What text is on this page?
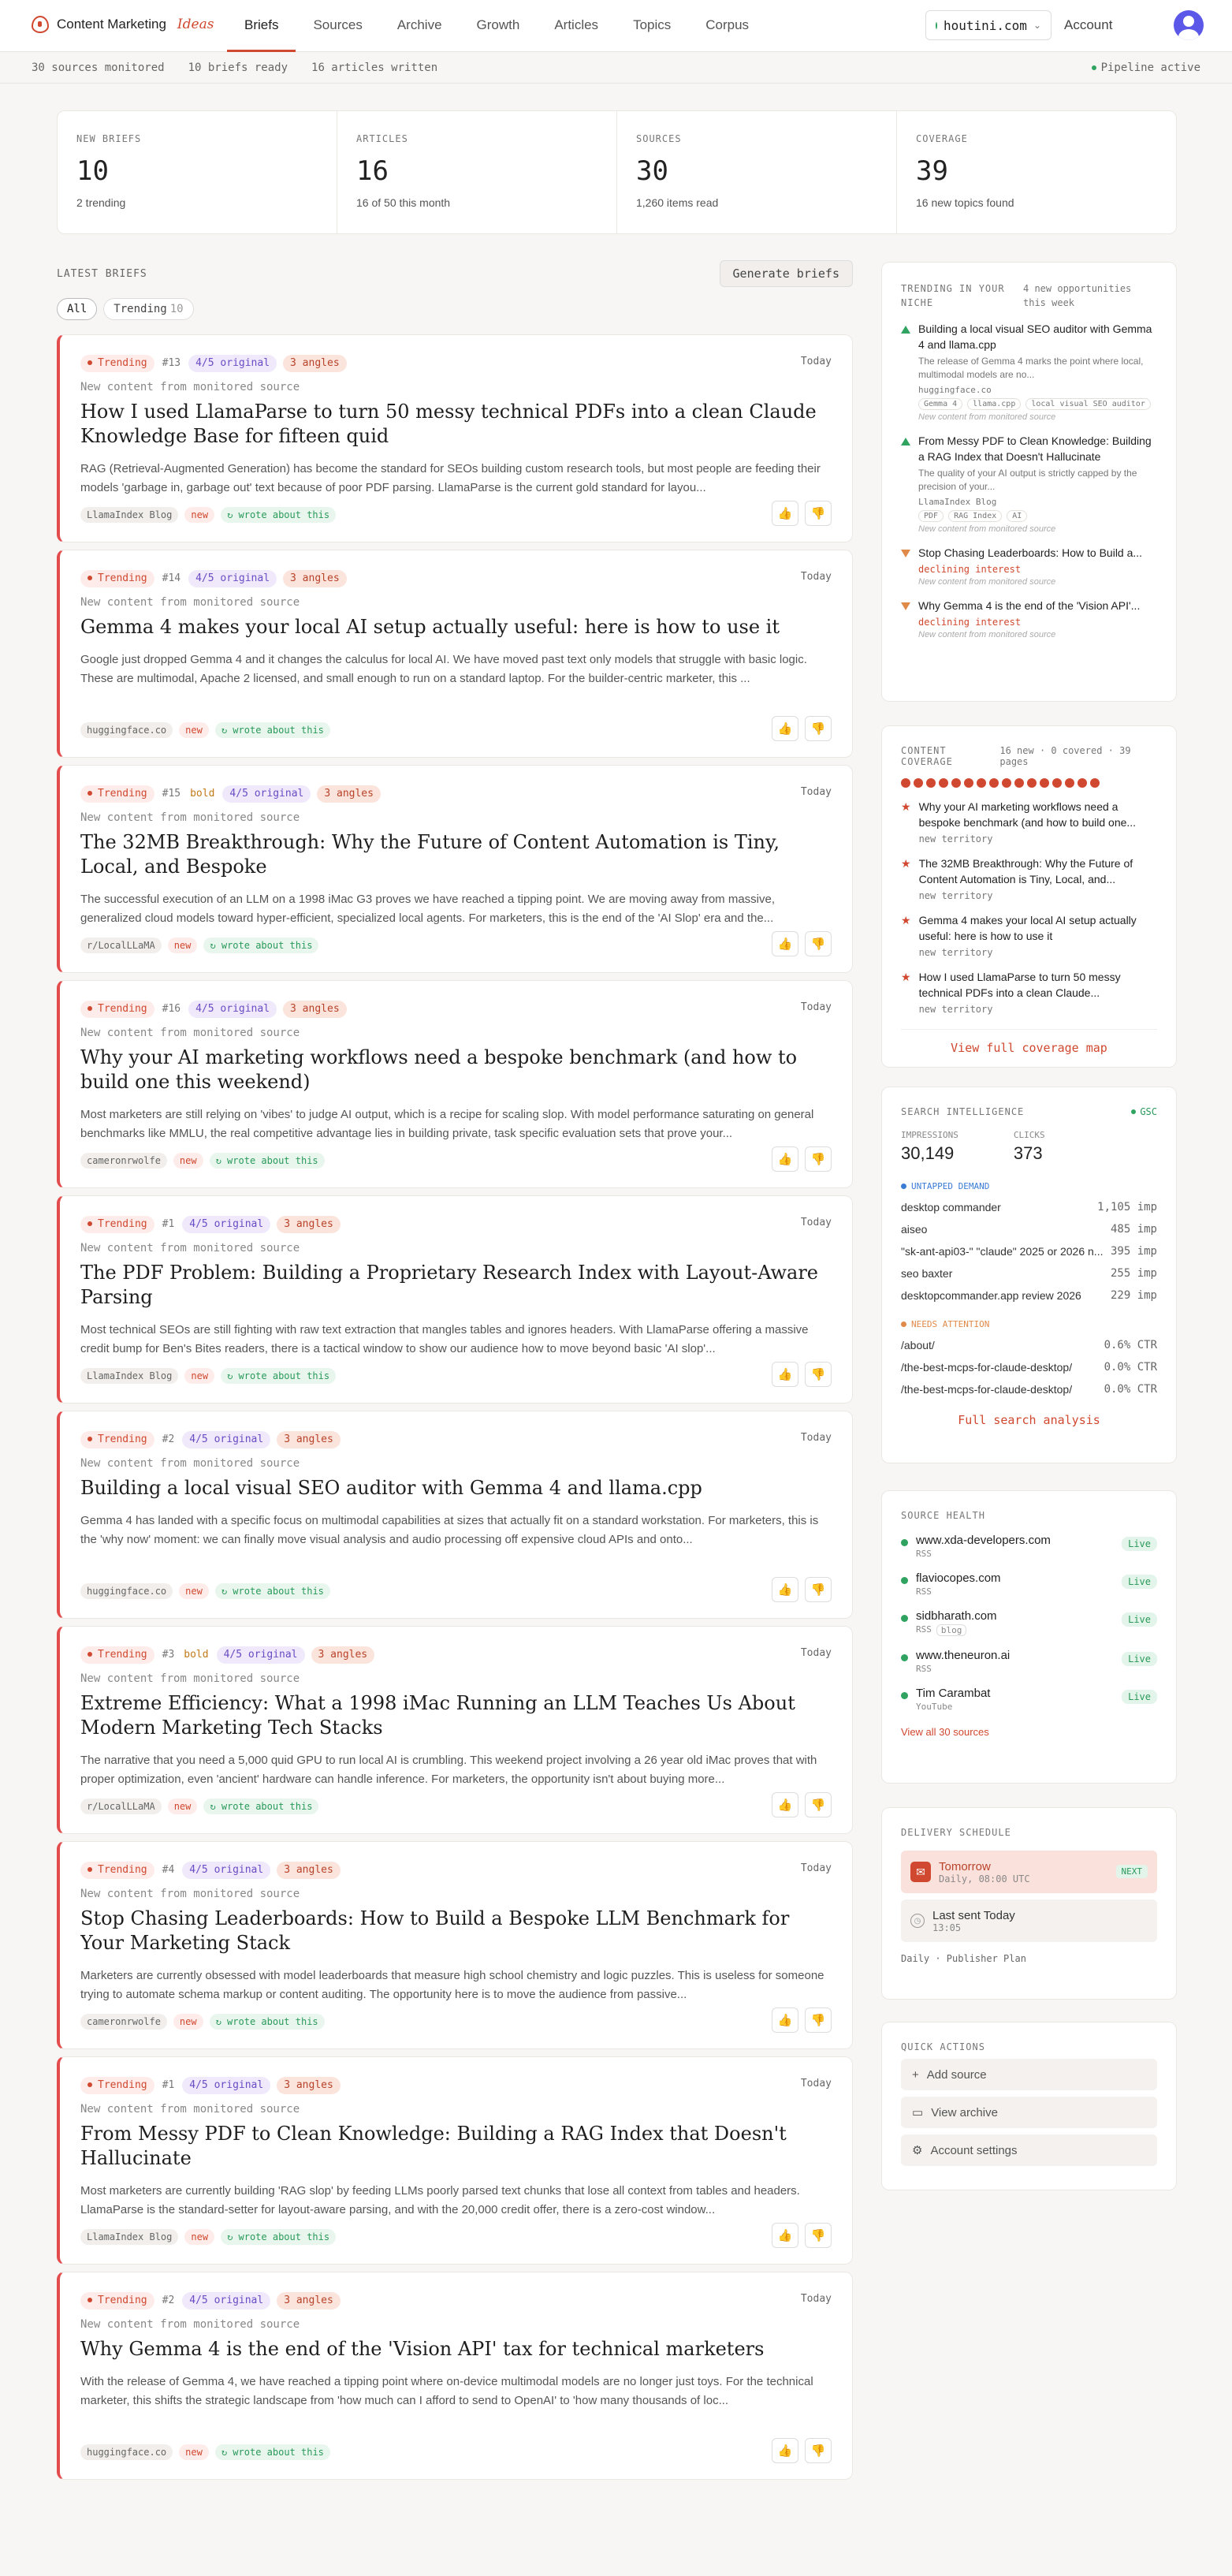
Content Marketing Ideas	Briefs	Sources	Archive	Growth	Articles	Topics	Corpus	houtini.com ⌄ Account
30 sources monitored 10 briefs ready 16 articles written	Pipeline active
NEW BRIEFS
10
2 trending
ARTICLES
16
16 of 50 this month
SOURCES
30
1,260 items read
COVERAGE
39
16 new topics found
LATEST BRIEFS	Generate briefs
All	Trending 10
Trending	#13	4/5 original	3 angles	Today
New content from monitored source
How I used LlamaParse to turn 50 messy technical PDFs into a clean Claude Knowledge Base for fifteen quid
RAG (Retrieval-Augmented Generation) has become the standard for SEOs building custom research tools, but most people are feeding their models 'garbage in, garbage out' text because of poor PDF parsing. LlamaParse is the current gold standard for layou...
LlamaIndex Blog	new	↻ wrote about this	👍	👎
Trending	#14	4/5 original	3 angles	Today
New content from monitored source
Gemma 4 makes your local AI setup actually useful: here is how to use it
Google just dropped Gemma 4 and it changes the calculus for local AI. We have moved past text only models that struggle with basic logic. These are multimodal, Apache 2 licensed, and small enough to run on a standard laptop. For the builder-centric marketer, this ...
huggingface.co	new	↻ wrote about this	👍	👎
Trending	#15 bold	4/5 original	3 angles	Today
New content from monitored source
The 32MB Breakthrough: Why the Future of Content Automation is Tiny, Local, and Bespoke
The successful execution of an LLM on a 1998 iMac G3 proves we have reached a tipping point. We are moving away from massive, generalized cloud models toward hyper-efficient, specialized local agents. For marketers, this is the end of the 'AI Slop' era and the...
r/LocalLLaMA	new	↻ wrote about this	👍	👎
Trending	#16	4/5 original	3 angles	Today
New content from monitored source
Why your AI marketing workflows need a bespoke benchmark (and how to build one this weekend)
Most marketers are still relying on 'vibes' to judge AI output, which is a recipe for scaling slop. With model performance saturating on general benchmarks like MMLU, the real competitive advantage lies in building private, task specific evaluation sets that prove your...
cameronrwolfe	new	↻ wrote about this	👍	👎
Trending	#1	4/5 original	3 angles	Today
New content from monitored source
The PDF Problem: Building a Proprietary Research Index with Layout-Aware Parsing
Most technical SEOs are still fighting with raw text extraction that mangles tables and ignores headers. With LlamaParse offering a massive credit bump for Ben's Bites readers, there is a tactical window to show our audience how to move beyond basic 'AI slop'...
LlamaIndex Blog	new	↻ wrote about this	👍	👎
Trending	#2	4/5 original	3 angles	Today
New content from monitored source
Building a local visual SEO auditor with Gemma 4 and llama.cpp
Gemma 4 has landed with a specific focus on multimodal capabilities at sizes that actually fit on a standard workstation. For marketers, this is the 'why now' moment: we can finally move visual analysis and audio processing off expensive cloud APIs and onto...
huggingface.co	new	↻ wrote about this	👍	👎
Trending	#3 bold	4/5 original	3 angles	Today
New content from monitored source
Extreme Efficiency: What a 1998 iMac Running an LLM Teaches Us About Modern Marketing Tech Stacks
The narrative that you need a 5,000 quid GPU to run local AI is crumbling. This weekend project involving a 26 year old iMac proves that with proper optimization, even 'ancient' hardware can handle inference. For marketers, the opportunity isn't about buying more...
r/LocalLLaMA	new	↻ wrote about this	👍	👎
Trending	#4	4/5 original	3 angles	Today
New content from monitored source
Stop Chasing Leaderboards: How to Build a Bespoke LLM Benchmark for Your Marketing Stack
Marketers are currently obsessed with model leaderboards that measure high school chemistry and logic puzzles. This is useless for someone trying to automate schema markup or content auditing. The opportunity here is to move the audience from passive...
cameronrwolfe	new	↻ wrote about this	👍	👎
Trending	#1	4/5 original	3 angles	Today
New content from monitored source
From Messy PDF to Clean Knowledge: Building a RAG Index that Doesn't Hallucinate
Most marketers are currently building 'RAG slop' by feeding LLMs poorly parsed text chunks that lose all context from tables and headers. LlamaParse is the standard-setter for layout-aware parsing, and with the 20,000 credit offer, there is a zero-cost window...
LlamaIndex Blog	new	↻ wrote about this	👍	👎
Trending	#2	4/5 original	3 angles	Today
New content from monitored source
Why Gemma 4 is the end of the 'Vision API' tax for technical marketers
With the release of Gemma 4, we have reached a tipping point where on-device multimodal models are no longer just toys. For the technical marketer, this shifts the strategic landscape from 'how much can I afford to send to OpenAI' to 'how many thousands of loc...
huggingface.co	new	↻ wrote about this	👍	👎
TRENDING IN YOUR NICHE
4 new opportunities this week
Building a local visual SEO auditor with Gemma 4 and llama.cpp
The release of Gemma 4 marks the point where local, multimodal models are no...
huggingface.co
Gemma 4	llama.cpp	local visual SEO auditor
New content from monitored source
From Messy PDF to Clean Knowledge: Building a RAG Index that Doesn't Hallucinate
The quality of your AI output is strictly capped by the precision of your...
LlamaIndex Blog
PDF	RAG Index	AI
New content from monitored source
Stop Chasing Leaderboards: How to Build a...
declining interest
New content from monitored source
Why Gemma 4 is the end of the 'Vision API'...
declining interest
New content from monitored source
CONTENT COVERAGE
16 new · 0 covered · 39 pages
★ Why your AI marketing workflows need a bespoke benchmark (and how to build one...
new territory
★ The 32MB Breakthrough: Why the Future of Content Automation is Tiny, Local, and...
new territory
★ Gemma 4 makes your local AI setup actually useful: here is how to use it
new territory
★ How I used LlamaParse to turn 50 messy technical PDFs into a clean Claude...
new territory
View full coverage map
SEARCH INTELLIGENCE	GSC
IMPRESSIONS
30,149
CLICKS
373
UNTAPPED DEMAND
desktop commander	1,105 imp
aiseo	485 imp
"sk-ant-api03-" "claude" 2025 or 2026 n... 395 imp
seo baxter	255 imp
desktopcommander.app review 2026	229 imp
NEEDS ATTENTION
/about/	0.6% CTR
/the-best-mcps-for-claude-desktop/	0.0% CTR
/the-best-mcps-for-claude-desktop/	0.0% CTR
Full search analysis
SOURCE HEALTH
www.xda-developers.com
RSS
Live
flaviocopes.com
RSS
Live
sidbharath.com
RSS	blog
Live
www.theneuron.ai
RSS
Live
Tim Carambat
YouTube
Live
View all 30 sources
DELIVERY SCHEDULE
✉	Tomorrow
Daily, 08:00 UTC
NEXT
◷ Last sent Today
13:05
Daily · Publisher Plan
QUICK ACTIONS
+ Add source
▭ View archive
⚙ Account settings
